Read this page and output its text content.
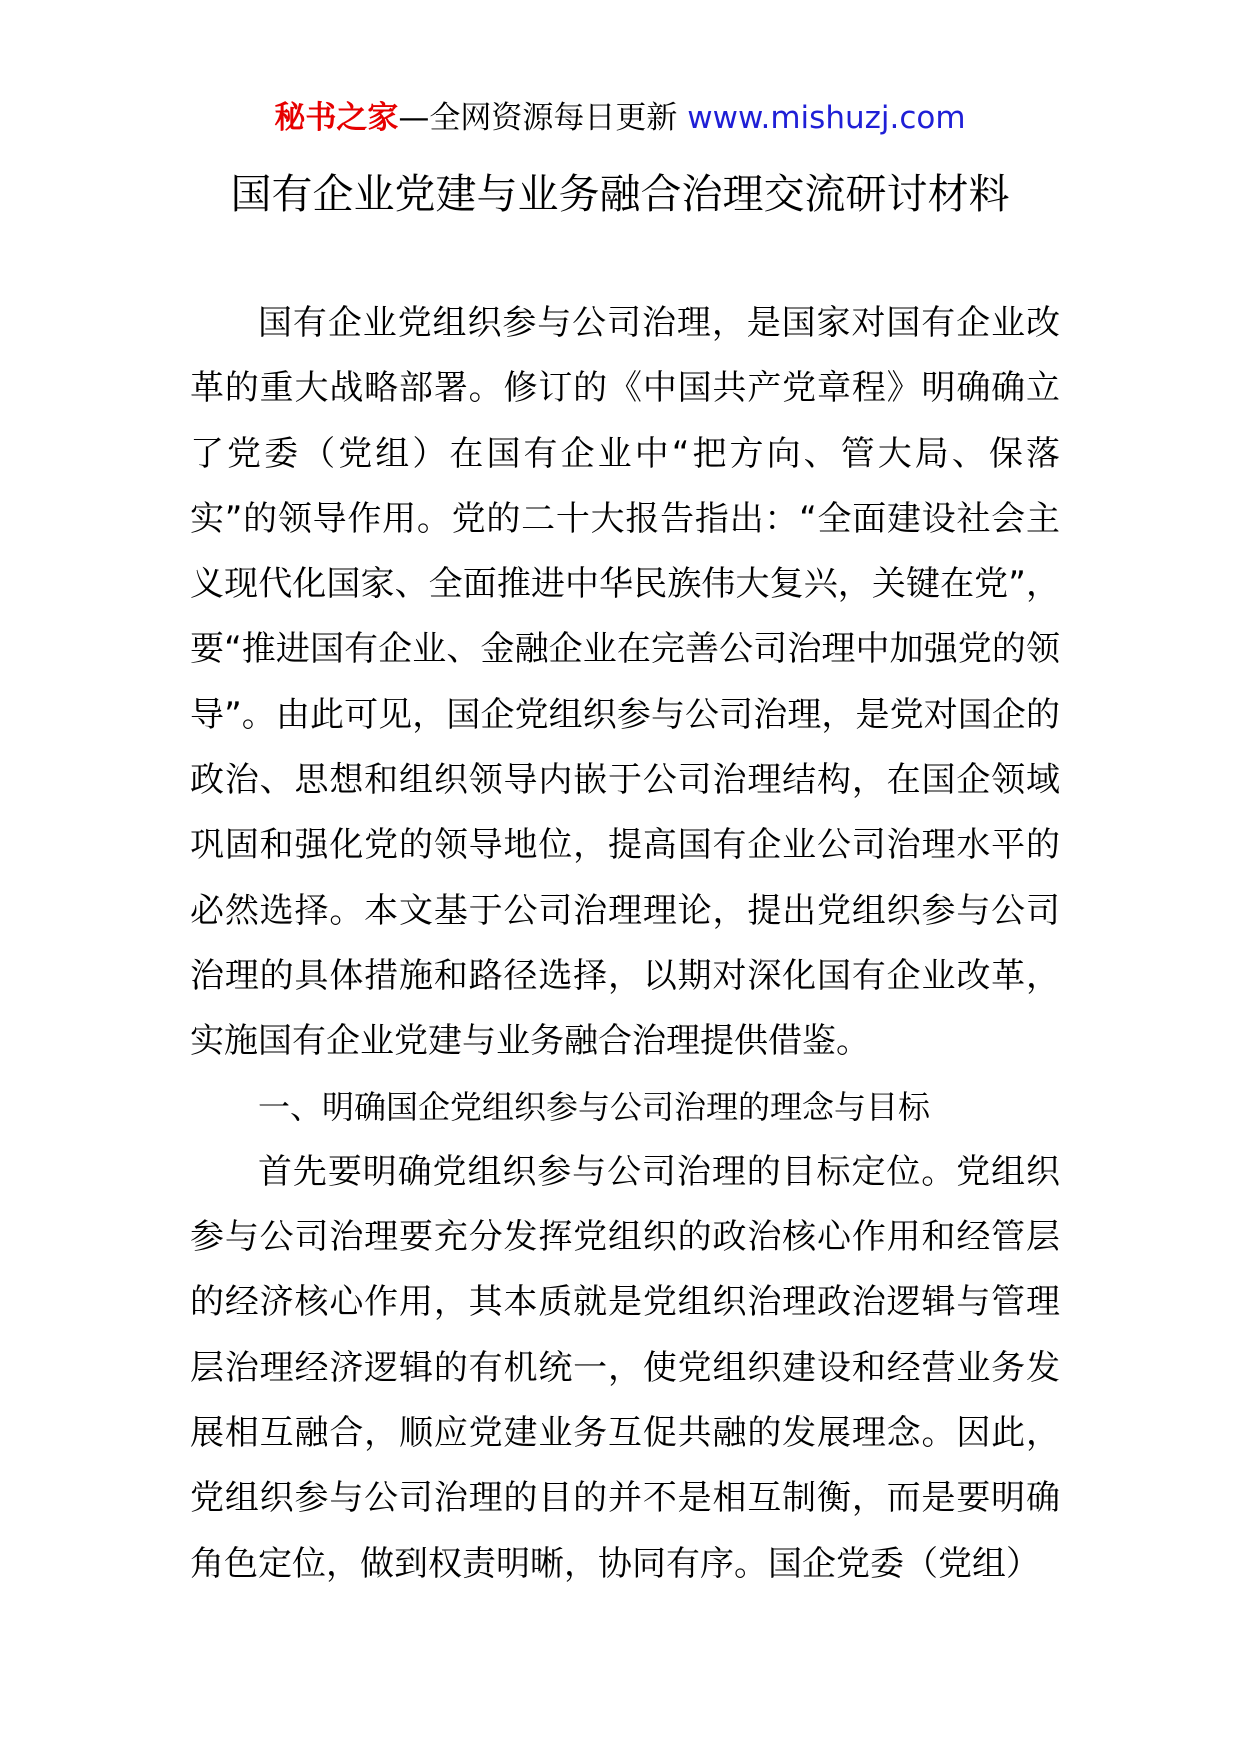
秘书之家—全网资源每日更新 www.mishuzj.com
国有企业党建与业务融合治理交流研讨材料

国有企业党组织参与公司治理，是国家对国有企业改革的重大战略部署。修订的《中国共产党章程》明确确立了党委（党组）在国有企业中“把方向、管大局、保落实”的领导作用。党的二十大报告指出：“全面建设社会主义现代化国家、全面推进中华民族伟大复兴，关键在党”，要“推进国有企业、金融企业在完善公司治理中加强党的领导”。由此可见，国企党组织参与公司治理，是党对国企的政治、思想和组织领导内嵌于公司治理结构，在国企领域巩固和强化党的领导地位，提高国有企业公司治理水平的必然选择。本文基于公司治理理论，提出党组织参与公司治理的具体措施和路径选择，以期对深化国有企业改革，实施国有企业党建与业务融合治理提供借鉴。

一、明确国企党组织参与公司治理的理念与目标

首先要明确党组织参与公司治理的目标定位。党组织参与公司治理要充分发挥党组织的政治核心作用和经管层的经济核心作用，其本质就是党组织治理政治逻辑与管理层治理经济逻辑的有机统一，使党组织建设和经营业务发展相互融合，顺应党建业务互促共融的发展理念。因此，党组织参与公司治理的目的并不是相互制衡，而是要明确角色定位，做到权责明晰，协同有序。国企党委（党组）
